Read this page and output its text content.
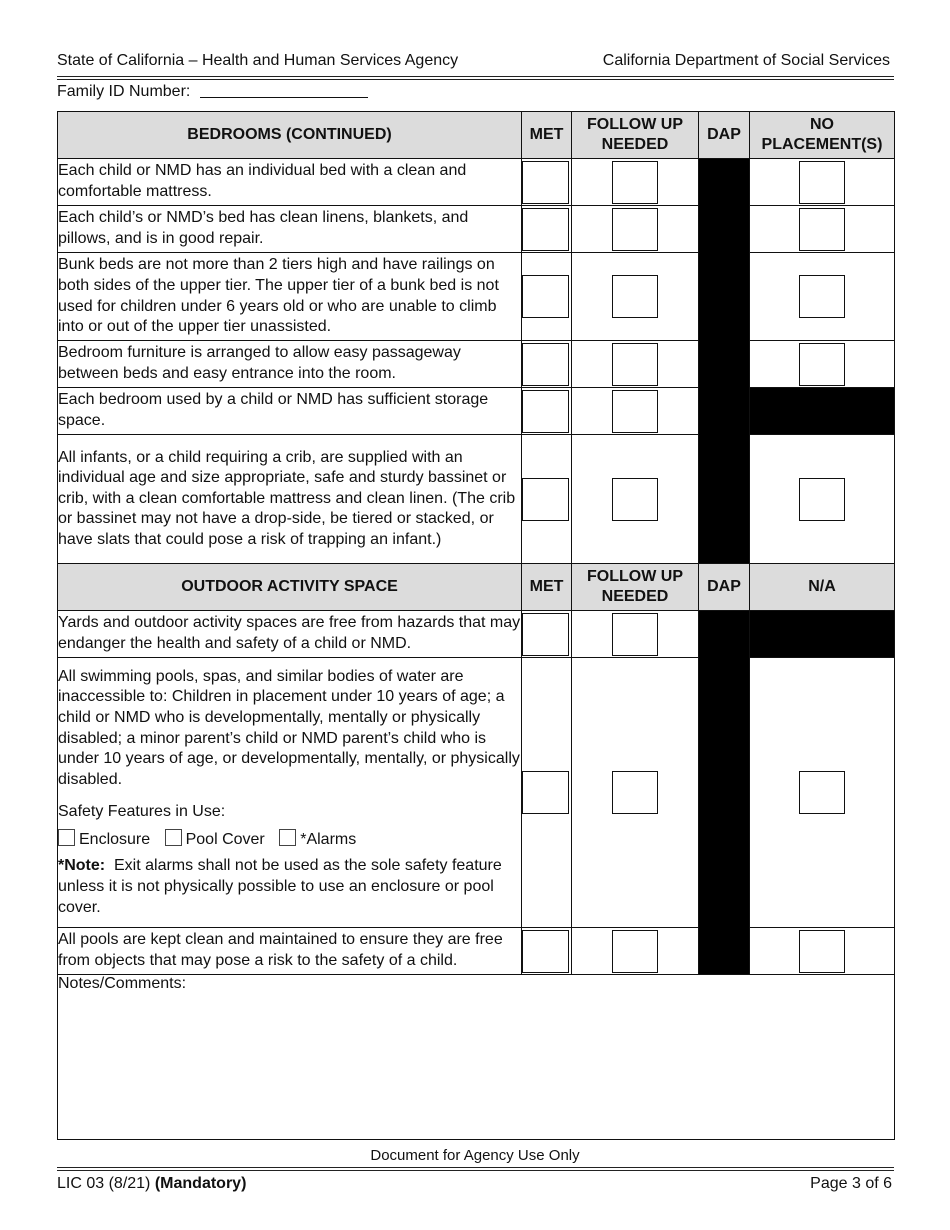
State of California – Health and Human Services Agency	California Department of Social Services
Family ID Number:
BEDROOMS (CONTINUED)	MET	FOLLOW UP NEEDED	DAP	NO PLACEMENT(S)
Each child or NMD has an individual bed with a clean and comfortable mattress.				
Each child’s or NMD’s bed has clean linens, blankets, and pillows, and is in good repair.				
Bunk beds are not more than 2 tiers high and have railings on both sides of the upper tier. The upper tier of a bunk bed is not used for children under 6 years old or who are unable to climb into or out of the upper tier unassisted.				
Bedroom furniture is arranged to allow easy passageway between beds and easy entrance into the room.				
Each bedroom used by a child or NMD has sufficient storage space.				
All infants, or a child requiring a crib, are supplied with an individual age and size appropriate, safe and sturdy bassinet or crib, with a clean comfortable mattress and clean linen. (The crib or bassinet may not have a drop-side, be tiered or stacked, or have slats that could pose a risk of trapping an infant.)				
OUTDOOR ACTIVITY SPACE	MET	FOLLOW UP NEEDED	DAP	N/A
Yards and outdoor activity spaces are free from hazards that may endanger the health and safety of a child or NMD.				

All swimming pools, spas, and similar bodies of water are inaccessible to: Children in placement under 10 years of age; a child or NMD who is developmentally, mentally or physically disabled; a minor parent’s child or NMD parent’s child who is under 10 years of age, or developmentally, mentally, or physically disabled.

Safety Features in Use:

Enclosure Pool Cover *Alarms

*Note: Exit alarms shall not be used as the sole safety feature unless it is not physically possible to use an enclosure or pool cover.				

All pools are kept clean and maintained to ensure they are free from objects that may pose a risk to the safety of a child.				
Notes/Comments:				
Document for Agency Use Only
LIC 03 (8/21) (Mandatory)	Page 3 of 6
